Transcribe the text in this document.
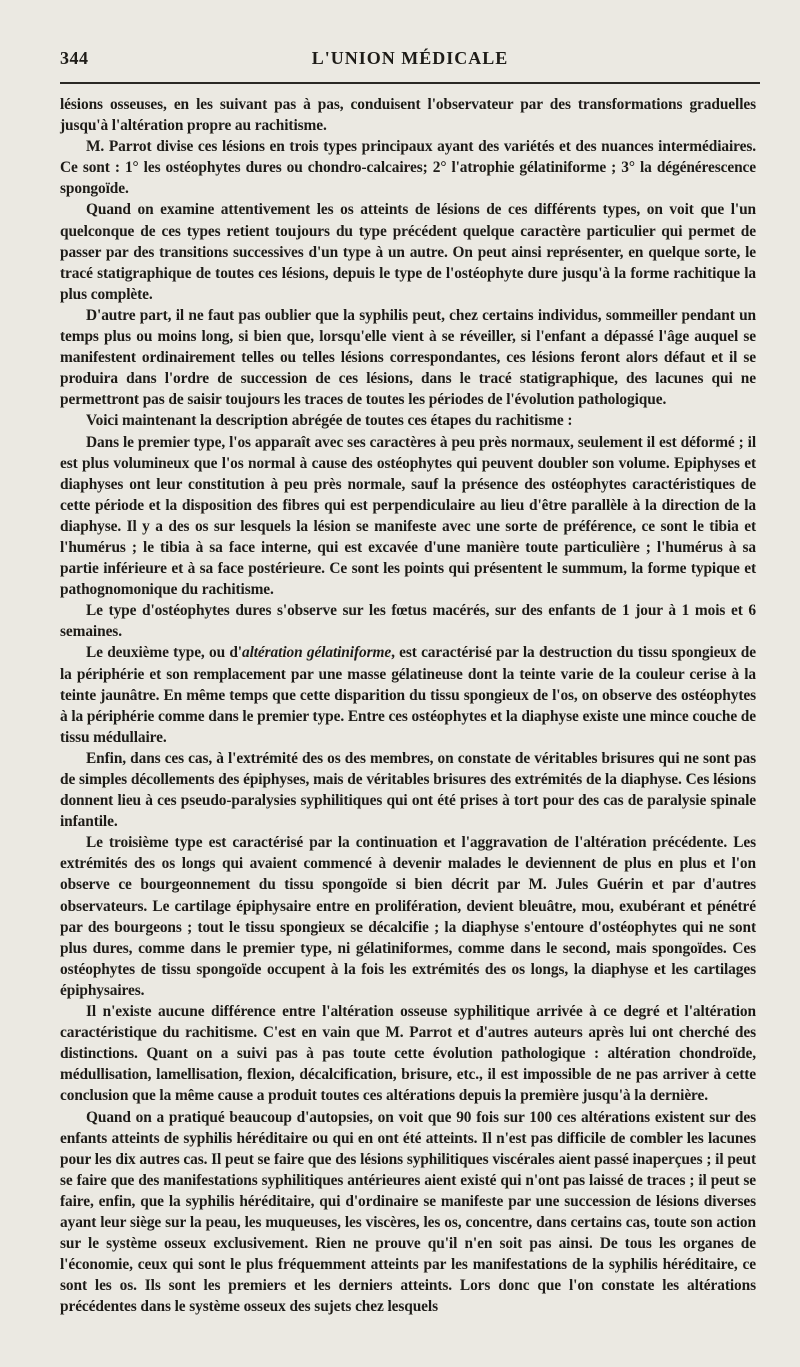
344	L'UNION MÉDICALE

lésions osseuses, en les suivant pas à pas, conduisent l'observateur par des transformations graduelles jusqu'à l'altération propre au rachitisme.

M. Parrot divise ces lésions en trois types principaux ayant des variétés et des nuances intermédiaires. Ce sont : 1° les ostéophytes dures ou chondro-calcaires; 2° l'atrophie gélatiniforme ; 3° la dégénérescence spongoïde.

Quand on examine attentivement les os atteints de lésions de ces différents types, on voit que l'un quelconque de ces types retient toujours du type précédent quelque caractère particulier qui permet de passer par des transitions successives d'un type à un autre. On peut ainsi représenter, en quelque sorte, le tracé statigraphique de toutes ces lésions, depuis le type de l'ostéophyte dure jusqu'à la forme rachitique la plus complète.

D'autre part, il ne faut pas oublier que la syphilis peut, chez certains individus, sommeiller pendant un temps plus ou moins long, si bien que, lorsqu'elle vient à se réveiller, si l'enfant a dépassé l'âge auquel se manifestent ordinairement telles ou telles lésions correspondantes, ces lésions feront alors défaut et il se produira dans l'ordre de succession de ces lésions, dans le tracé statigraphique, des lacunes qui ne permettront pas de saisir toujours les traces de toutes les périodes de l'évolution pathologique.

Voici maintenant la description abrégée de toutes ces étapes du rachitisme :

Dans le premier type, l'os apparaît avec ses caractères à peu près normaux, seulement il est déformé ; il est plus volumineux que l'os normal à cause des ostéophytes qui peuvent doubler son volume. Epiphyses et diaphyses ont leur constitution à peu près normale, sauf la présence des ostéophytes caractéristiques de cette période et la disposition des fibres qui est perpendiculaire au lieu d'être parallèle à la direction de la diaphyse. Il y a des os sur lesquels la lésion se manifeste avec une sorte de préférence, ce sont le tibia et l'humérus ; le tibia à sa face interne, qui est excavée d'une manière toute particulière ; l'humérus à sa partie inférieure et à sa face postérieure. Ce sont les points qui présentent le summum, la forme typique et pathognomonique du rachitisme.

Le type d'ostéophytes dures s'observe sur les fœtus macérés, sur des enfants de 1 jour à 1 mois et 6 semaines.

Le deuxième type, ou d'altération gélatiniforme, est caractérisé par la destruction du tissu spongieux de la périphérie et son remplacement par une masse gélatineuse dont la teinte varie de la couleur cerise à la teinte jaunâtre. En même temps que cette disparition du tissu spongieux de l'os, on observe des ostéophytes à la périphérie comme dans le premier type. Entre ces ostéophytes et la diaphyse existe une mince couche de tissu médullaire.

Enfin, dans ces cas, à l'extrémité des os des membres, on constate de véritables brisures qui ne sont pas de simples décollements des épiphyses, mais de véritables brisures des extrémités de la diaphyse. Ces lésions donnent lieu à ces pseudo-paralysies syphilitiques qui ont été prises à tort pour des cas de paralysie spinale infantile.

Le troisième type est caractérisé par la continuation et l'aggravation de l'altération précédente. Les extrémités des os longs qui avaient commencé à devenir malades le deviennent de plus en plus et l'on observe ce bourgeonnement du tissu spongoïde si bien décrit par M. Jules Guérin et par d'autres observateurs. Le cartilage épiphysaire entre en prolifération, devient bleuâtre, mou, exubérant et pénétré par des bourgeons ; tout le tissu spongieux se décalcifie ; la diaphyse s'entoure d'ostéophytes qui ne sont plus dures, comme dans le premier type, ni gélatiniformes, comme dans le second, mais spongoïdes. Ces ostéophytes de tissu spongoïde occupent à la fois les extrémités des os longs, la diaphyse et les cartilages épiphysaires.

Il n'existe aucune différence entre l'altération osseuse syphilitique arrivée à ce degré et l'altération caractéristique du rachitisme. C'est en vain que M. Parrot et d'autres auteurs après lui ont cherché des distinctions. Quant on a suivi pas à pas toute cette évolution pathologique : altération chondroïde, médullisation, lamellisation, flexion, décalcification, brisure, etc., il est impossible de ne pas arriver à cette conclusion que la même cause a produit toutes ces altérations depuis la première jusqu'à la dernière.

Quand on a pratiqué beaucoup d'autopsies, on voit que 90 fois sur 100 ces altérations existent sur des enfants atteints de syphilis héréditaire ou qui en ont été atteints. Il n'est pas difficile de combler les lacunes pour les dix autres cas. Il peut se faire que des lésions syphilitiques viscérales aient passé inaperçues ; il peut se faire que des manifestations syphilitiques antérieures aient existé qui n'ont pas laissé de traces ; il peut se faire, enfin, que la syphilis héréditaire, qui d'ordinaire se manifeste par une succession de lésions diverses ayant leur siège sur la peau, les muqueuses, les viscères, les os, concentre, dans certains cas, toute son action sur le système osseux exclusivement. Rien ne prouve qu'il n'en soit pas ainsi. De tous les organes de l'économie, ceux qui sont le plus fréquemment atteints par les manifestations de la syphilis héréditaire, ce sont les os. Ils sont les premiers et les derniers atteints. Lors donc que l'on constate les altérations précédentes dans le système osseux des sujets chez lesquels
